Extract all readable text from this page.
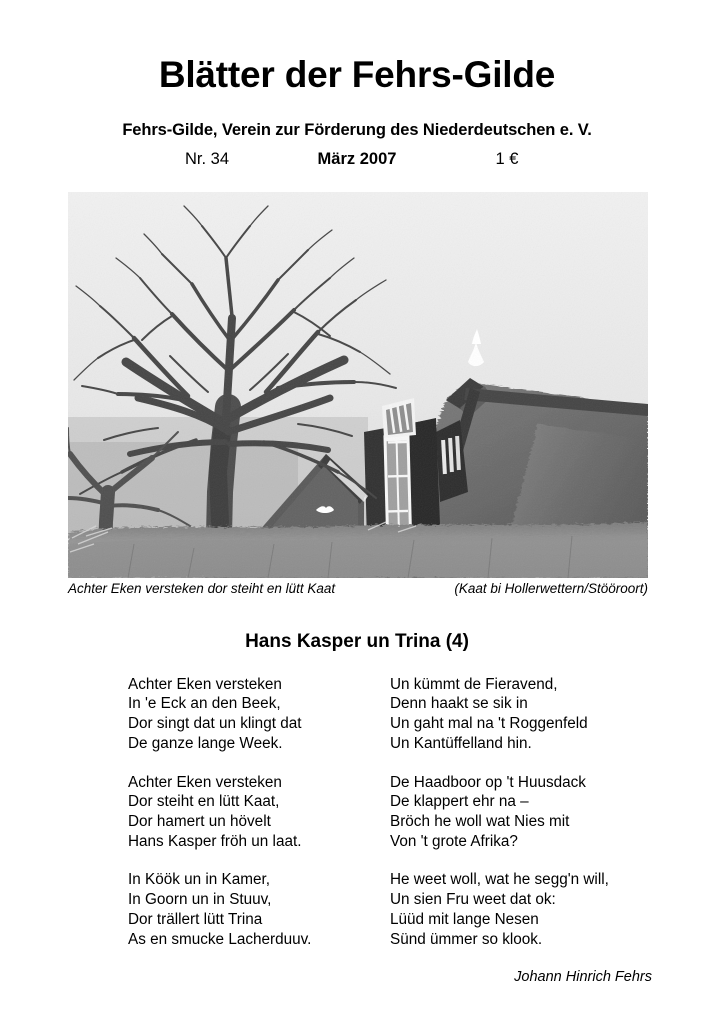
Blätter der Fehrs-Gilde
Fehrs-Gilde, Verein zur Förderung des Niederdeutschen e. V.
Nr. 34	März 2007	1 €
Achter Eken versteken dor steiht en lütt Kaat	(Kaat bi Hollerwettern/Stööroort)
Hans Kasper un Trina (4)
Achter Eken versteken
In 'e Eck an den Beek,
Dor singt dat un klingt dat
De ganze lange Week.
Achter Eken versteken
Dor steiht en lütt Kaat,
Dor hamert un hövelt
Hans Kasper fröh un laat.
In Köök un in Kamer,
In Goorn un in Stuuv,
Dor trällert lütt Trina
As en smucke Lacherduuv.
Un kümmt de Fieravend,
Denn haakt se sik in
Un gaht mal na 't Roggenfeld
Un Kantüffelland hin.
De Haadboor op 't Huusdack
De klappert ehr na –
Bröch he woll wat Nies mit
Von 't grote Afrika?
He weet woll, wat he segg'n will,
Un sien Fru weet dat ok:
Lüüd mit lange Nesen
Sünd ümmer so klook.
Johann Hinrich Fehrs
